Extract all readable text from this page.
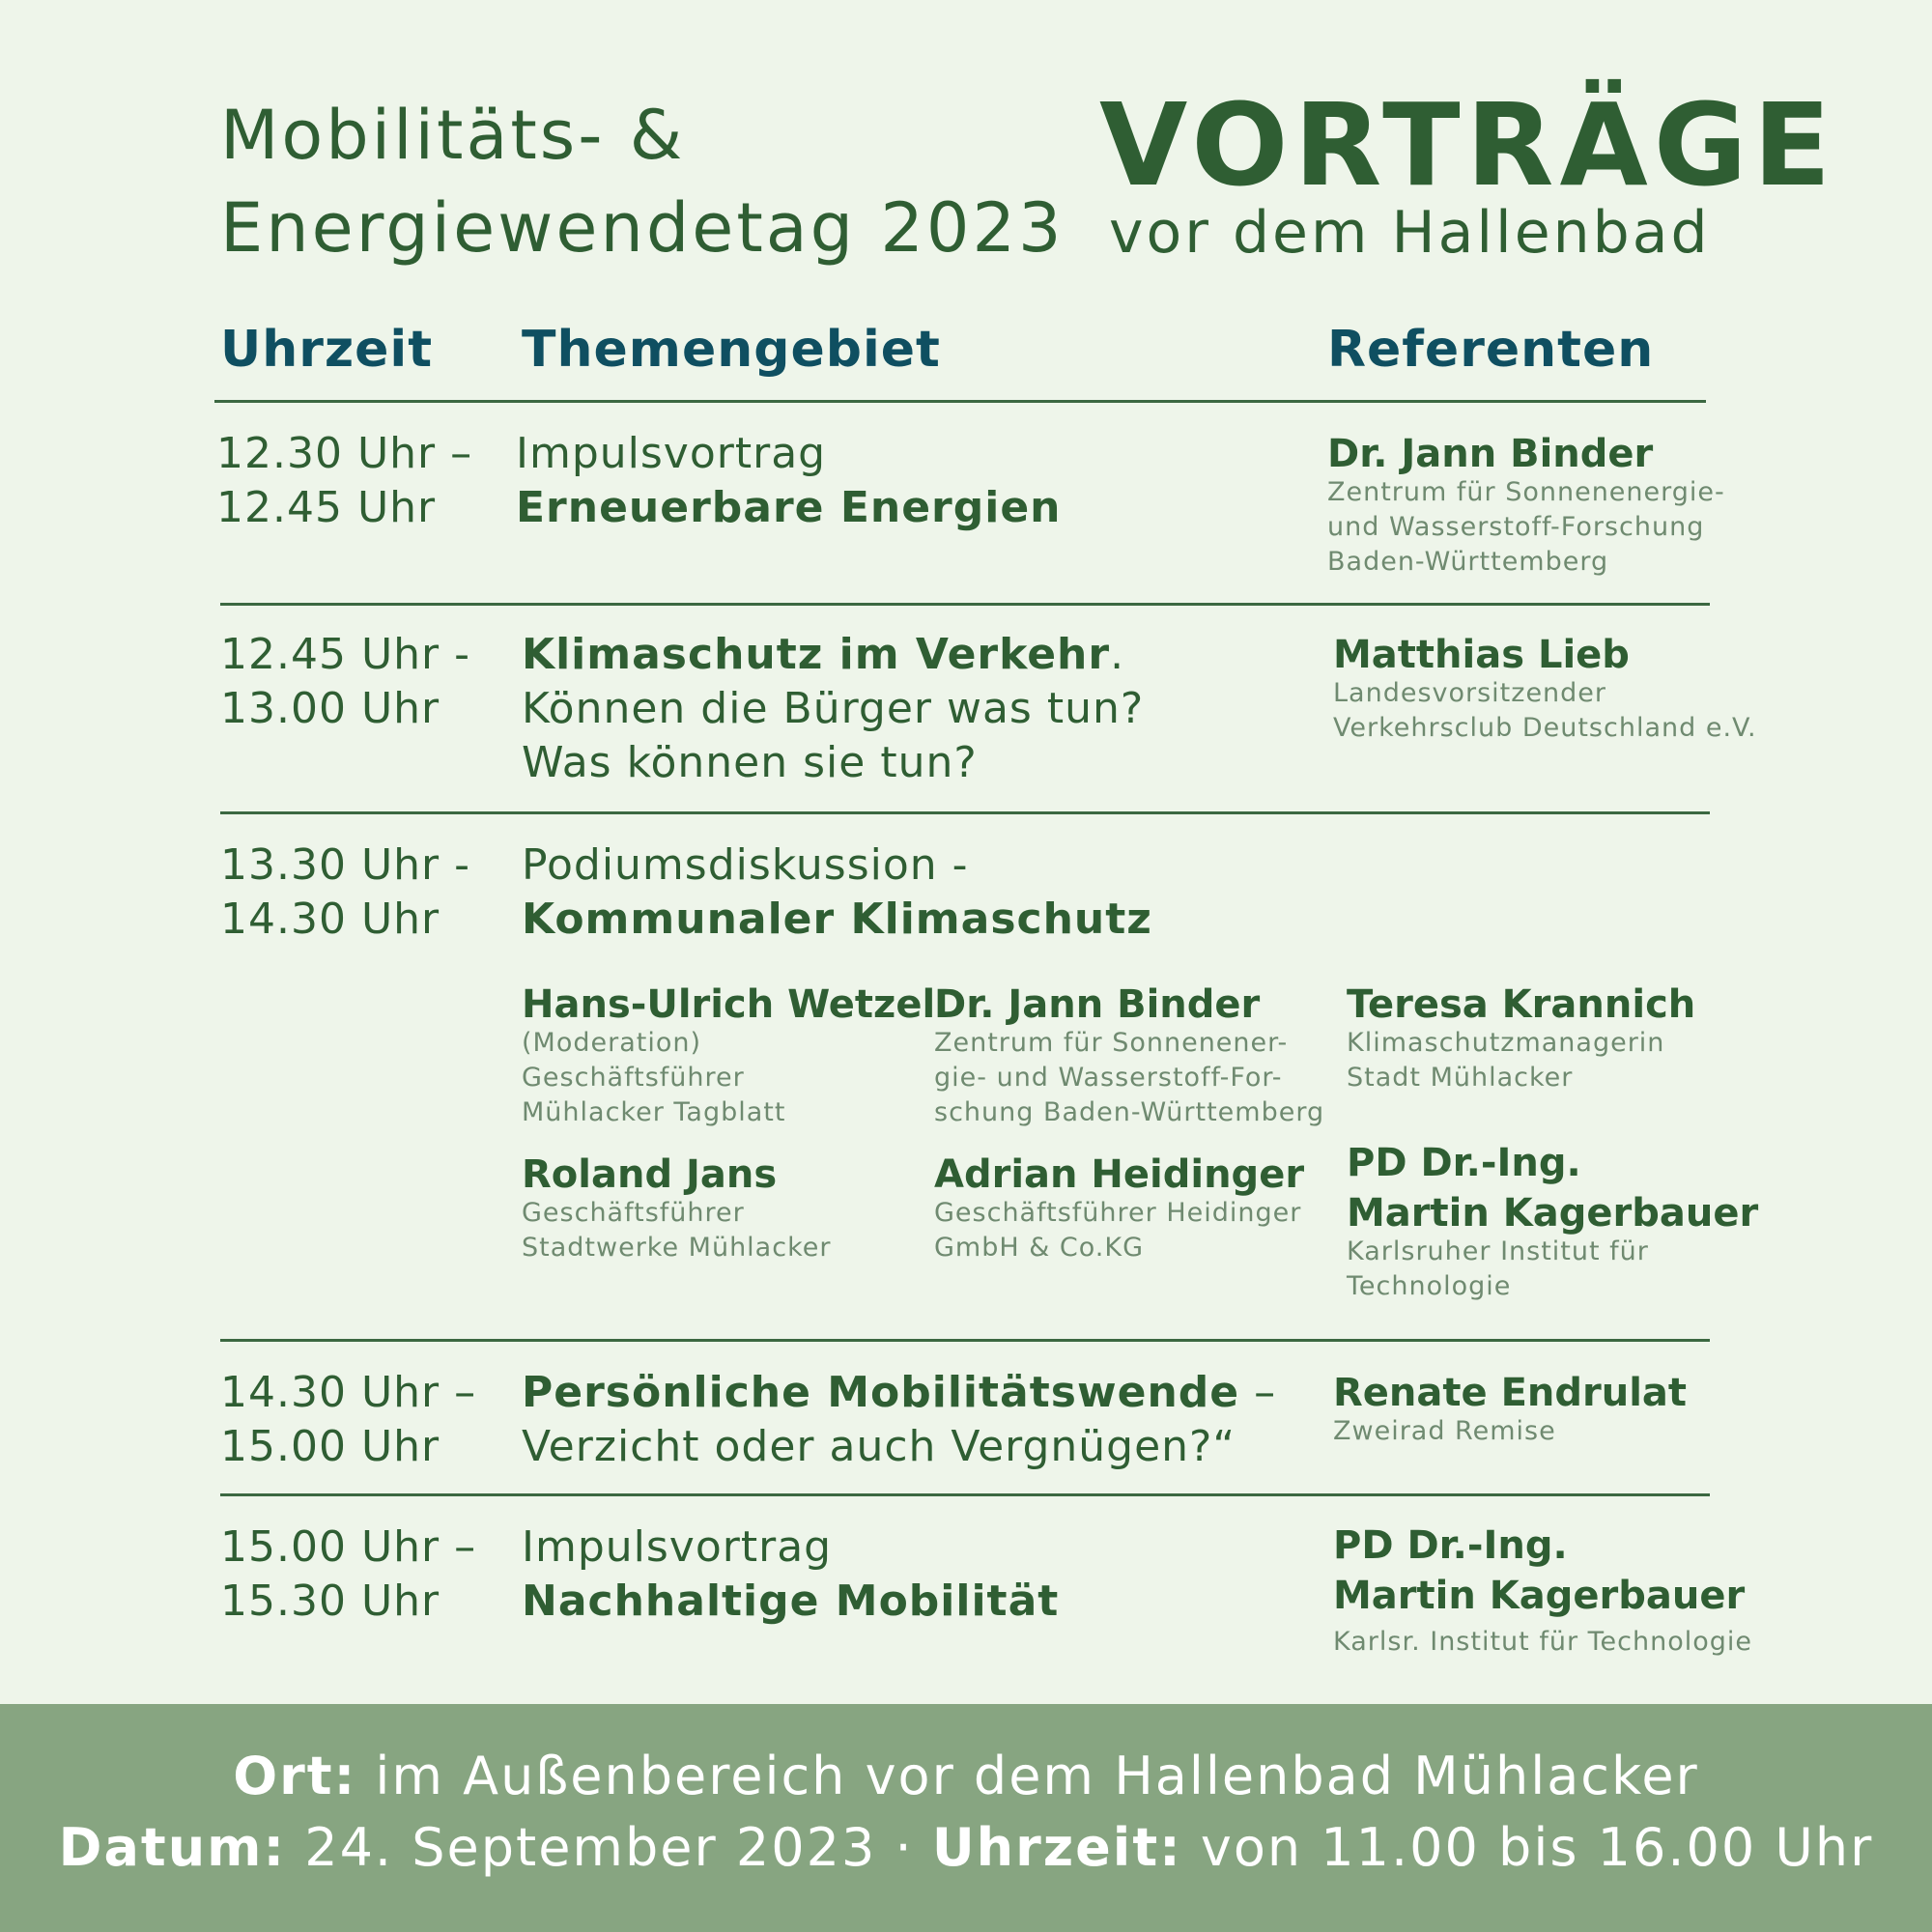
Mobilitäts- &
Energiewendetag 2023
VORTRÄGE
vor dem Hallenbad
Uhrzeit Themengebiet	Referenten
12.30 Uhr –
12.45 Uhr
Impulsvortrag
Erneuerbare Energien
Dr. Jann Binder
Zentrum für Sonnenenergie-
und Wasserstoff-Forschung
Baden-Württemberg
12.45 Uhr -
13.00 Uhr
Klimaschutz im Verkehr.
Können die Bürger was tun?
Was können sie tun?
Matthias Lieb
Landesvorsitzender
Verkehrsclub Deutschland e.V.
13.30 Uhr -
14.30 Uhr
Podiumsdiskussion -
Kommunaler Klimaschutz
Hans-Ulrich Wetzel
(Moderation)
Geschäftsführer
Mühlacker Tagblatt
Dr. Jann Binder
Zentrum für Sonnenener-
gie- und Wasserstoff-For-
schung Baden-Württemberg
Teresa Krannich
Klimaschutzmanagerin
Stadt Mühlacker
Roland Jans
Geschäftsführer
Stadtwerke Mühlacker
Adrian Heidinger
Geschäftsführer Heidinger
GmbH & Co.KG
PD Dr.-Ing.
Martin Kagerbauer
Karlsruher Institut für
Technologie
14.30 Uhr –
15.00 Uhr
Persönliche Mobilitätswende –
Verzicht oder auch Vergnügen?“
Renate Endrulat
Zweirad Remise
15.00 Uhr –
15.30 Uhr
Impulsvortrag
Nachhaltige Mobilität
PD Dr.-Ing.
Martin Kagerbauer
Karlsr. Institut für Technologie
Ort: im Außenbereich vor dem Hallenbad Mühlacker
Datum: 24. September 2023 · Uhrzeit: von 11.00 bis 16.00 Uhr
